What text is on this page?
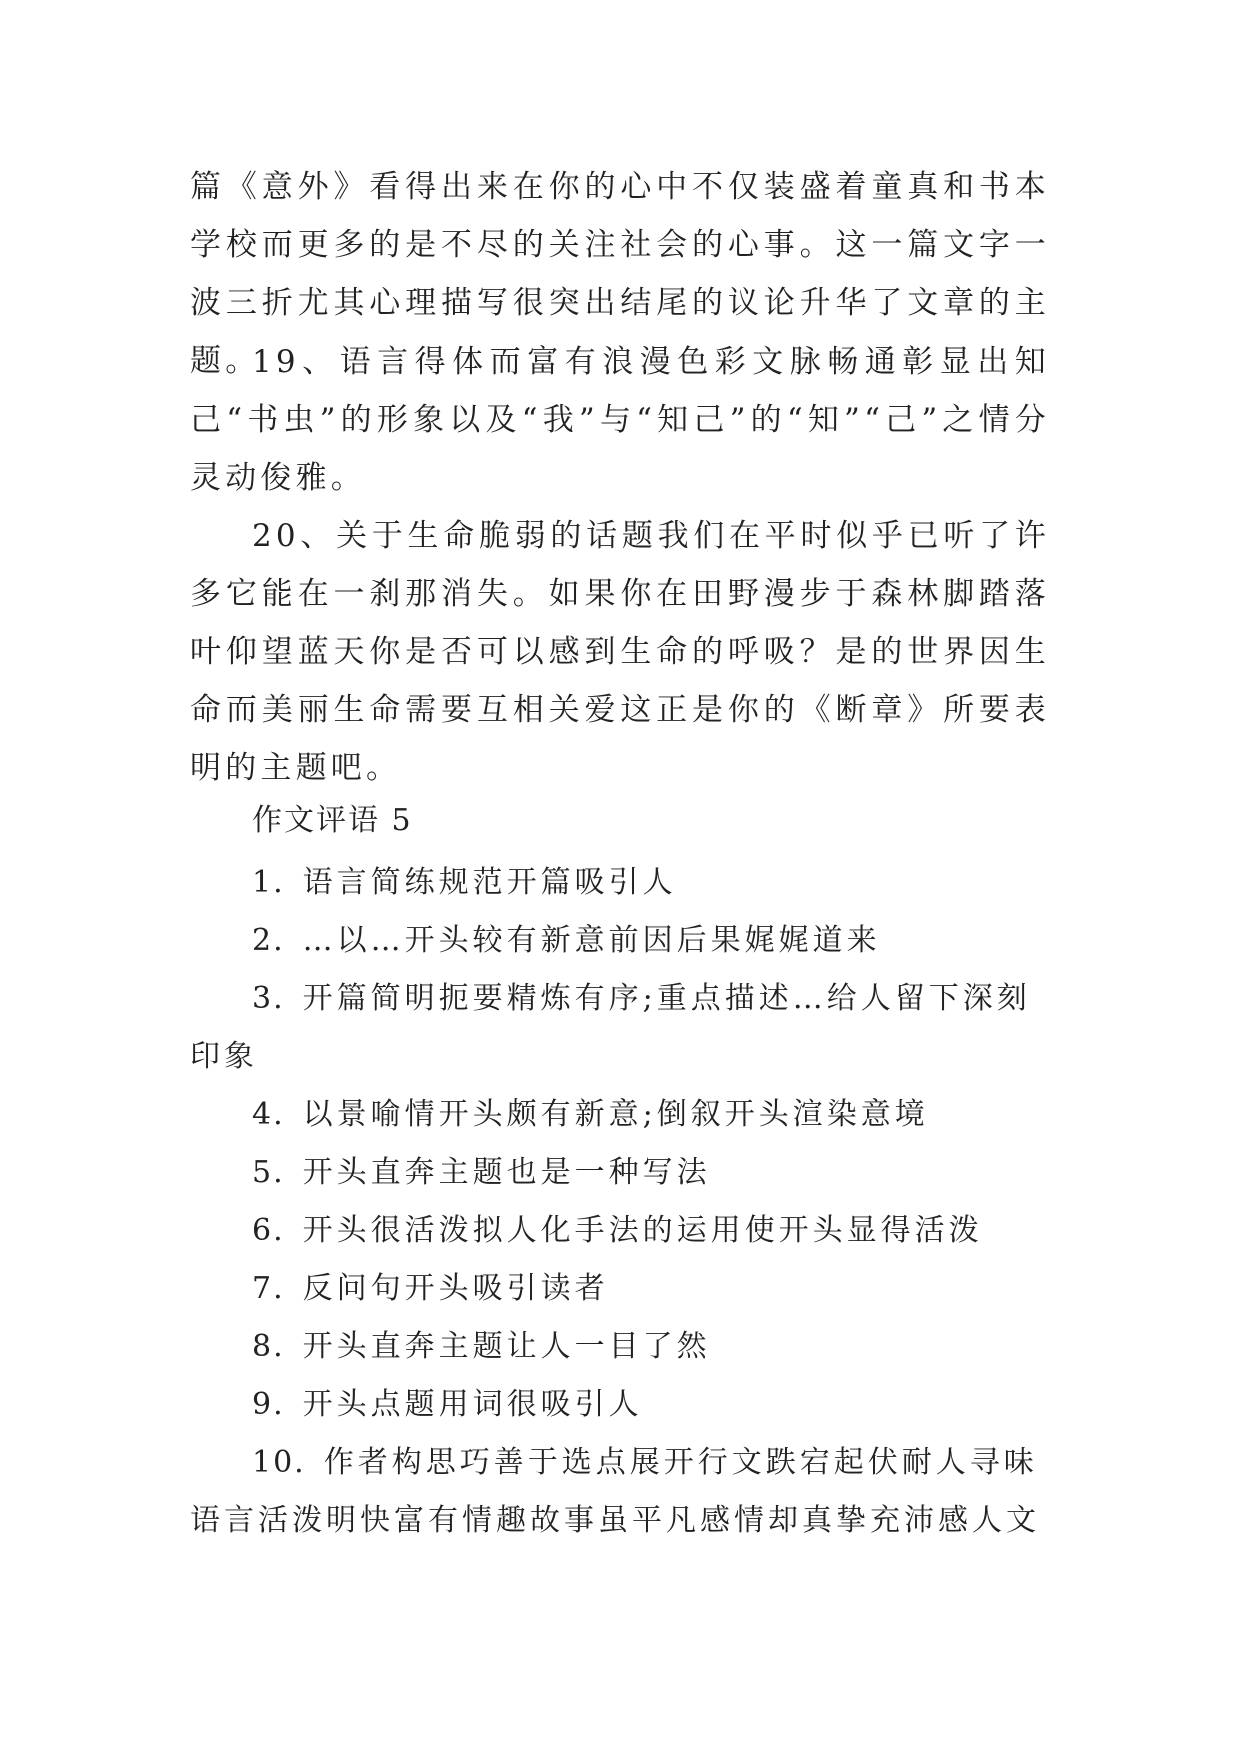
篇《意外》看得出来在你的心中不仅装盛着童真和书本学校而更多的是不尽的关注社会的心事。这一篇文字一波三折尤其心理描写很突出结尾的议论升华了文章的主题。

19、语言得体而富有浪漫色彩文脉畅通彰显出知己“书虫”的形象以及“我”与“知己”的“知”“己”之情分灵动俊雅。

20、关于生命脆弱的话题我们在平时似乎已听了许多它能在一刹那消失。如果你在田野漫步于森林脚踏落叶仰望蓝天你是否可以感到生命的呼吸？是的世界因生命而美丽生命需要互相关爱这正是你的《断章》所要表明的主题吧。

作文评语 5

1. 语言简练规范开篇吸引人
2. …以…开头较有新意前因后果娓娓道来
3. 开篇简明扼要精炼有序;重点描述…给人留下深刻印象
4. 以景喻情开头颇有新意;倒叙开头渲染意境
5. 开头直奔主题也是一种写法
6. 开头很活泼拟人化手法的运用使开头显得活泼
7. 反问句开头吸引读者
8. 开头直奔主题让人一目了然
9. 开头点题用词很吸引人
10. 作者构思巧善于选点展开行文跌宕起伏耐人寻味语言活泼明快富有情趣故事虽平凡感情却真挚充沛感人文
